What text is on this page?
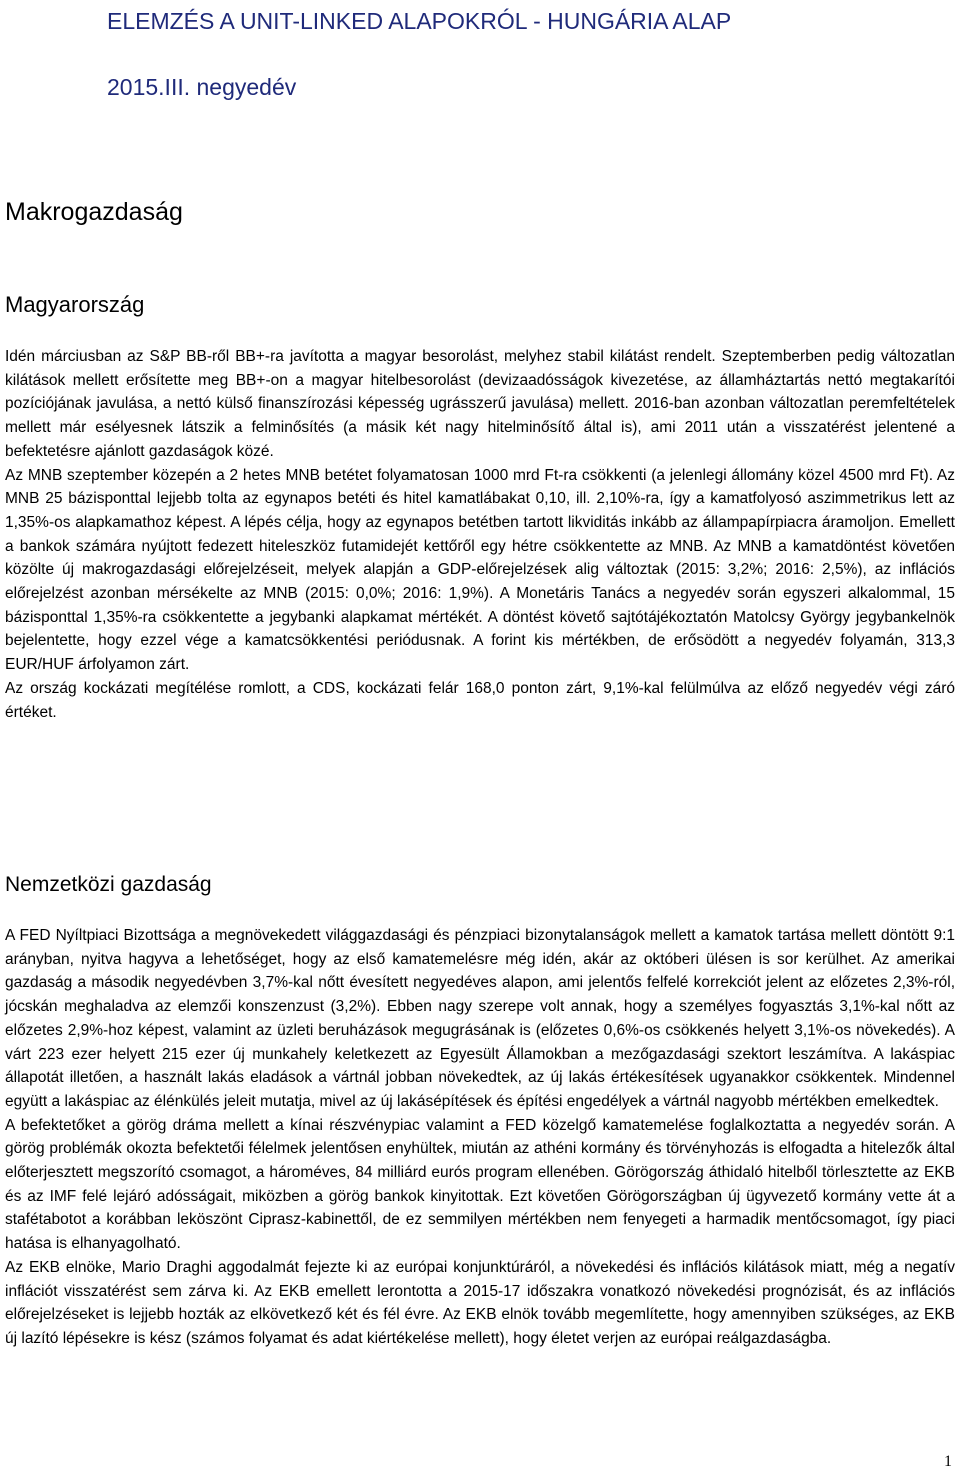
ELEMZÉS A UNIT-LINKED ALAPOKRÓL - HUNGÁRIA ALAP
2015.III. negyedév
Makrogazdaság
Magyarország

Idén márciusban az S&P BB-ről BB+-ra javította a magyar besorolást, melyhez stabil kilátást rendelt. Szeptemberben pedig változatlan kilátások mellett erősítette meg BB+-on a magyar hitelbesorolást (devizaadósságok kivezetése, az államháztartás nettó megtakarítói pozíciójának javulása, a nettó külső finanszírozási képesség ugrásszerű javulása) mellett. 2016-ban azonban változatlan peremfeltételek mellett már esélyesnek látszik a felminősítés (a másik két nagy hitelminősítő által is), ami 2011 után a visszatérést jelentené a befektetésre ajánlott gazdaságok közé.

Az MNB szeptember közepén a 2 hetes MNB betétet folyamatosan 1000 mrd Ft-ra csökkenti (a jelenlegi állomány közel 4500 mrd Ft). Az MNB 25 bázisponttal lejjebb tolta az egynapos betéti és hitel kamatlábakat 0,10, ill. 2,10%-ra, így a kamatfolyosó aszimmetrikus lett az 1,35%-os alapkamathoz képest. A lépés célja, hogy az egynapos betétben tartott likviditás inkább az állampapírpiacra áramoljon. Emellett a bankok számára nyújtott fedezett hiteleszköz futamidejét kettőről egy hétre csökkentette az MNB. Az MNB a kamatdöntést követően közölte új makrogazdasági előrejelzéseit, melyek alapján a GDP-előrejelzések alig változtak (2015: 3,2%; 2016: 2,5%), az inflációs előrejelzést azonban mérsékelte az MNB (2015: 0,0%; 2016: 1,9%). A Monetáris Tanács a negyedév során egyszeri alkalommal, 15 bázisponttal 1,35%-ra csökkentette a jegybanki alapkamat mértékét. A döntést követő sajtótájékoztatón Matolcsy György jegybankelnök bejelentette, hogy ezzel vége a kamatcsökkentési periódusnak. A forint kis mértékben, de erősödött a negyedév folyamán, 313,3 EUR/HUF árfolyamon zárt.

Az ország kockázati megítélése romlott, a CDS, kockázati felár 168,0 ponton zárt, 9,1%-kal felülmúlva az előző negyedév végi záró értéket.

Nemzetközi gazdaság

A FED Nyíltpiaci Bizottsága a megnövekedett világgazdasági és pénzpiaci bizonytalanságok mellett a kamatok tartása mellett döntött 9:1 arányban, nyitva hagyva a lehetőséget, hogy az első kamatemelésre még idén, akár az októberi ülésen is sor kerülhet. Az amerikai gazdaság a második negyedévben 3,7%-kal nőtt évesített negyedéves alapon, ami jelentős felfelé korrekciót jelent az előzetes 2,3%-ról, jócskán meghaladva az elemzői konszenzust (3,2%). Ebben nagy szerepe volt annak, hogy a személyes fogyasztás 3,1%-kal nőtt az előzetes 2,9%-hoz képest, valamint az üzleti beruházások megugrásának is (előzetes 0,6%-os csökkenés helyett 3,1%-os növekedés). A várt 223 ezer helyett 215 ezer új munkahely keletkezett az Egyesült Államokban a mezőgazdasági szektort leszámítva. A lakáspiac állapotát illetően, a használt lakás eladások a vártnál jobban növekedtek, az új lakás értékesítések ugyanakkor csökkentek. Mindennel együtt a lakáspiac az élénkülés jeleit mutatja, mivel az új lakásépítések és építési engedélyek a vártnál nagyobb mértékben emelkedtek.

A befektetőket a görög dráma mellett a kínai részvénypiac valamint a FED közelgő kamatemelése foglalkoztatta a negyedév során. A görög problémák okozta befektetői félelmek jelentősen enyhültek, miután az athéni kormány és törvényhozás is elfogadta a hitelezők által előterjesztett megszorító csomagot, a hároméves, 84 milliárd eurós program ellenében. Görögország áthidaló hitelből törlesztette az EKB és az IMF felé lejáró adósságait, miközben a görög bankok kinyitottak. Ezt követően Görögországban új ügyvezető kormány vette át a stafétabotot a korábban leköszönt Ciprasz-kabinettől, de ez semmilyen mértékben nem fenyegeti a harmadik mentőcsomagot, így piaci hatása is elhanyagolható.

Az EKB elnöke, Mario Draghi aggodalmát fejezte ki az európai konjunktúráról, a növekedési és inflációs kilátások miatt, még a negatív inflációt visszatérést sem zárva ki. Az EKB emellett lerontotta a 2015-17 időszakra vonatkozó növekedési prognózisát, és az inflációs előrejelzéseket is lejjebb hozták az elkövetkező két és fél évre. Az EKB elnök tovább megemlítette, hogy amennyiben szükséges, az EKB új lazító lépésekre is kész (számos folyamat és adat kiértékelése mellett), hogy életet verjen az európai reálgazdaságba.

1
